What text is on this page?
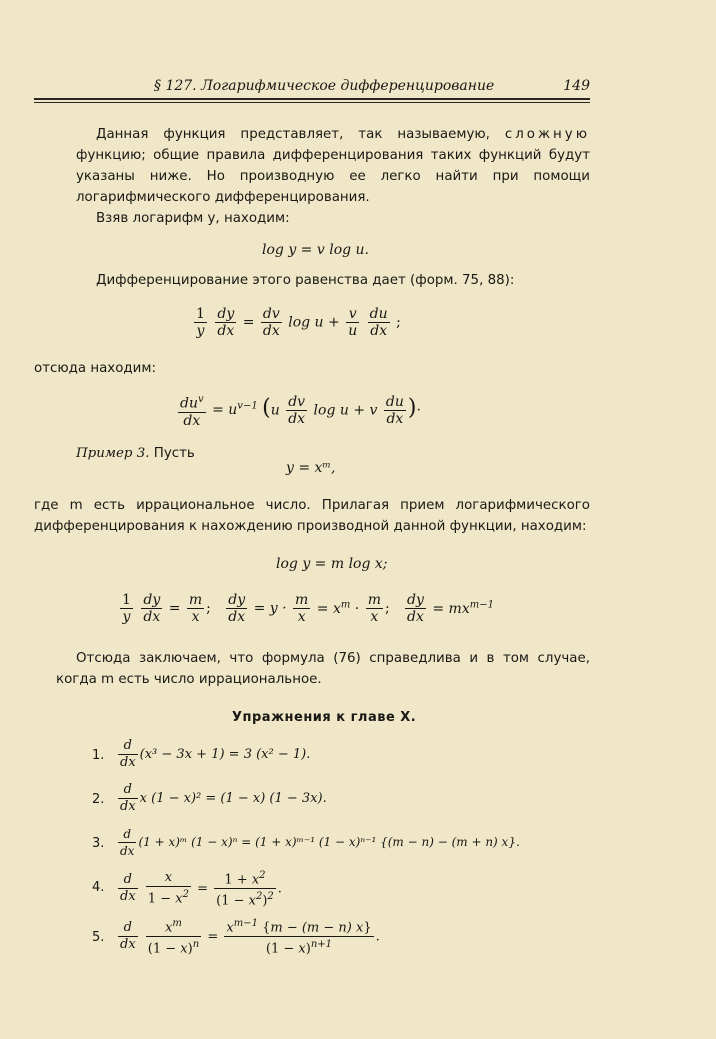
§ 127. Логарифмическое дифференцирование	149

Данная функция представляет, так называемую, сложную функцию; общие правила дифференцирования таких функций будут указаны ниже. Но производную ее легко найти при помощи логарифмического дифференцирования.

Взяв логарифм y, находим:

log y = v log u.

Дифференцирование этого равенства дает (форм. 75, 88):

$\frac{1}{y}$
$\frac{dy}{dx} = \frac{dv}{dx}$ $\log u + \frac{v}{u}$
$\frac{du}{dx}$ ;

отсюда находим:

$\frac{du^v}{dx} = u^{v-1}$ ($u \frac{dv}{dx}$ log u + v $\frac{du}{dx}$ )·

Пример 3. Пусть

y = xᵐ,

где m есть иррациональное число. Прилагая прием логарифмического дифференцирования к нахождению производной данной функции, находим:

log y = m log x;
$\frac{1}{y}$
$\frac{dy}{dx} = \frac{m}{x}$ ; $\frac{dy}{dx} = y \cdot \frac{m}{x} = x^m \cdot \frac{m}{x}$ ; $\frac{dy}{dx} = mx^{m-1}$

Отсюда заключаем, что формула (76) справедлива и в том случае, когда m есть число иррациональное.

Упражнения к главе X.
1. $\frac{d}{dx} (x^3 - 3x + 1) = 3$ (x² − 1).
2. $\frac{d}{dx}$ x (1 − x)² = (1 − x) (1 − 3x).
3. $\frac{d}{dx} (1$ + x)ᵐ (1 − x)ⁿ = (1 + x)ᵐ⁻¹ (1 − x)ⁿ⁻¹ {(m − n) − (m + n) x}.
4. $\frac{d}{dx}$
$\frac{x}{1 - x^2} = \frac{1 + x^2}{(1 - x^2)^2}$ .
5. $\frac{d}{dx}$
$\frac{x^m}{(1 - x)^n} = \frac{x^{m-1} \{m - (m - n) x\}}{(1 - x)^{n+1}}$ .
